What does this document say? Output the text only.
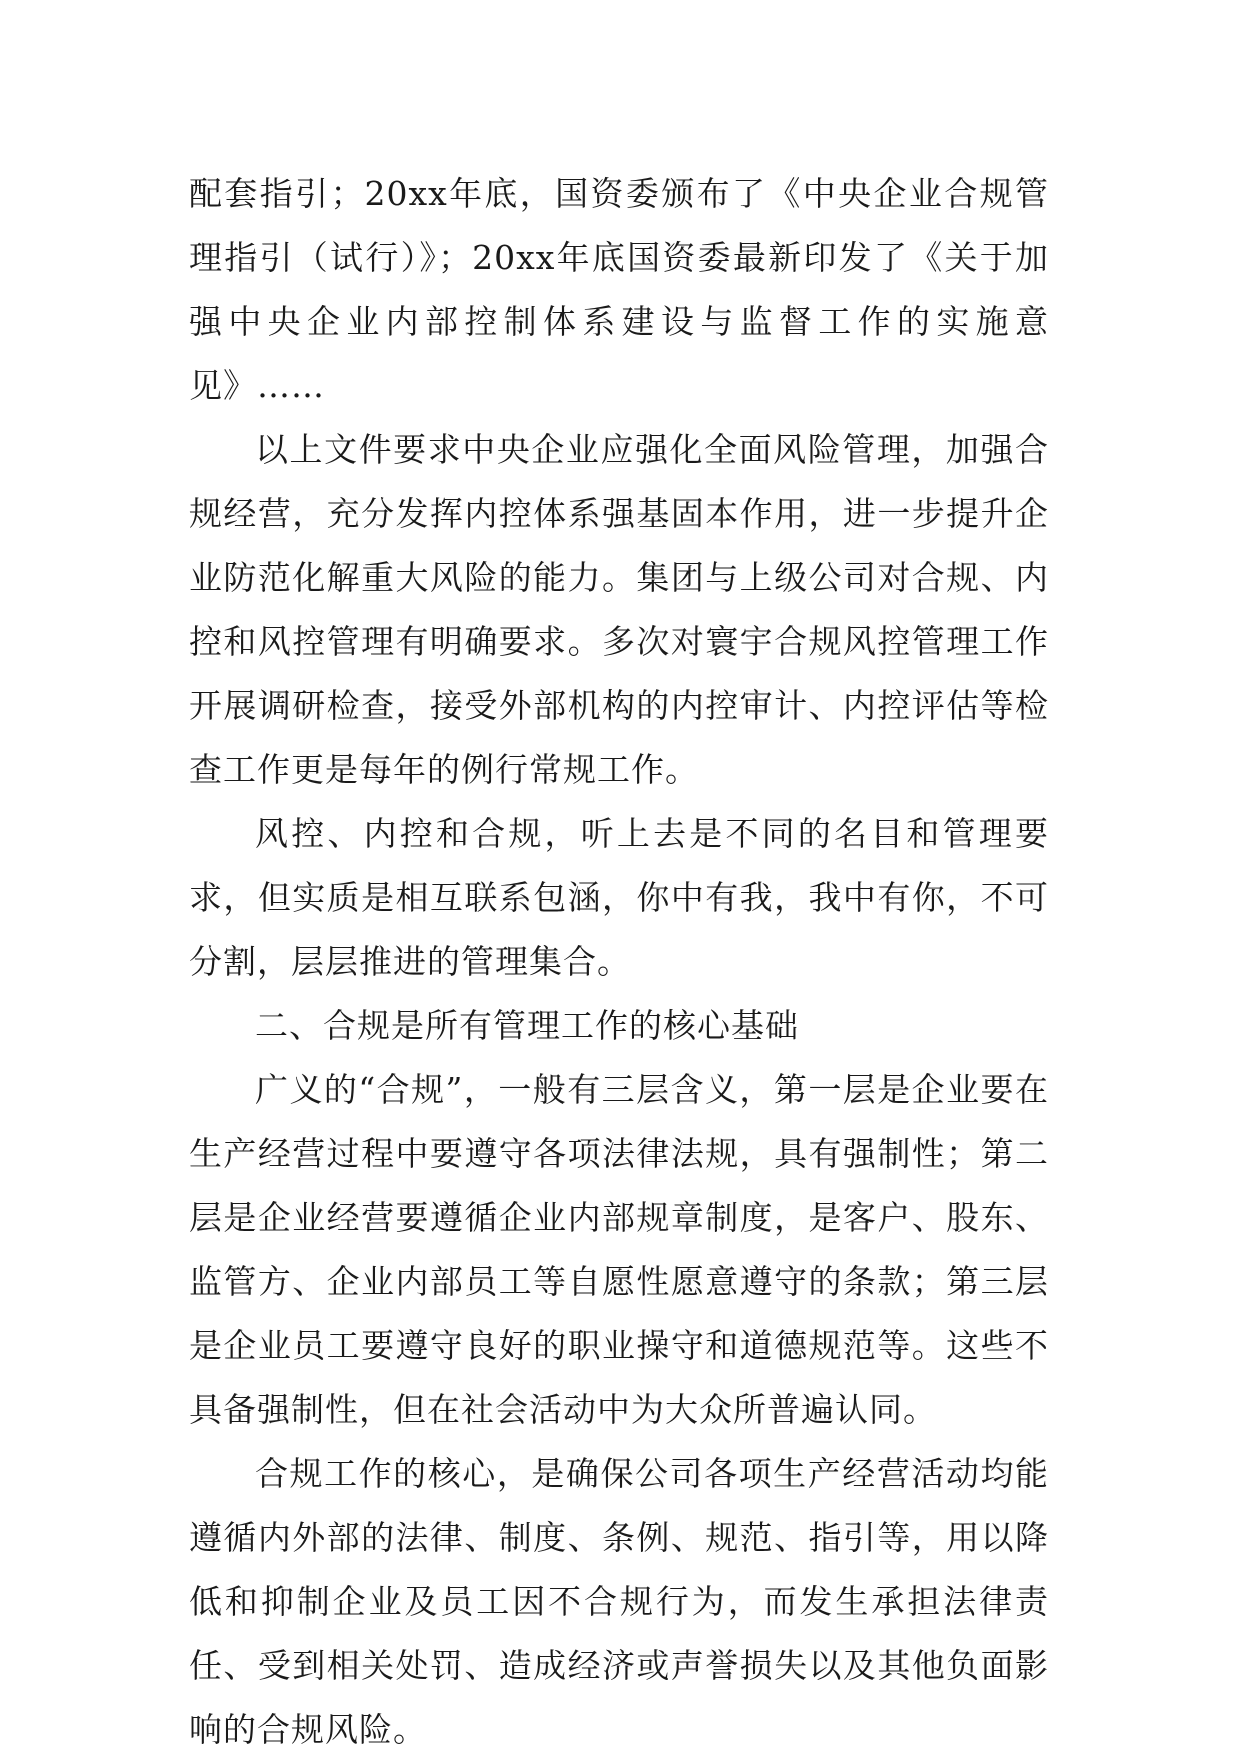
配套指引；20xx年底，国资委颁布了《中央企业合规管理指引（试行）》；20xx年底国资委最新印发了《关于加强中央企业内部控制体系建设与监督工作的实施意见》……

以上文件要求中央企业应强化全面风险管理，加强合规经营，充分发挥内控体系强基固本作用，进一步提升企业防范化解重大风险的能力。集团与上级公司对合规、内控和风控管理有明确要求。多次对寰宇合规风控管理工作开展调研检查，接受外部机构的内控审计、内控评估等检查工作更是每年的例行常规工作。

风控、内控和合规，听上去是不同的名目和管理要求，但实质是相互联系包涵，你中有我，我中有你，不可分割，层层推进的管理集合。

二、合规是所有管理工作的核心基础

广义的“合规”，一般有三层含义，第一层是企业要在生产经营过程中要遵守各项法律法规，具有强制性；第二层是企业经营要遵循企业内部规章制度，是客户、股东、监管方、企业内部员工等自愿性愿意遵守的条款；第三层是企业员工要遵守良好的职业操守和道德规范等。这些不具备强制性，但在社会活动中为大众所普遍认同。

合规工作的核心，是确保公司各项生产经营活动均能遵循内外部的法律、制度、条例、规范、指引等，用以降低和抑制企业及员工因不合规行为，而发生承担法律责任、受到相关处罚、造成经济或声誉损失以及其他负面影响的合规风险。
